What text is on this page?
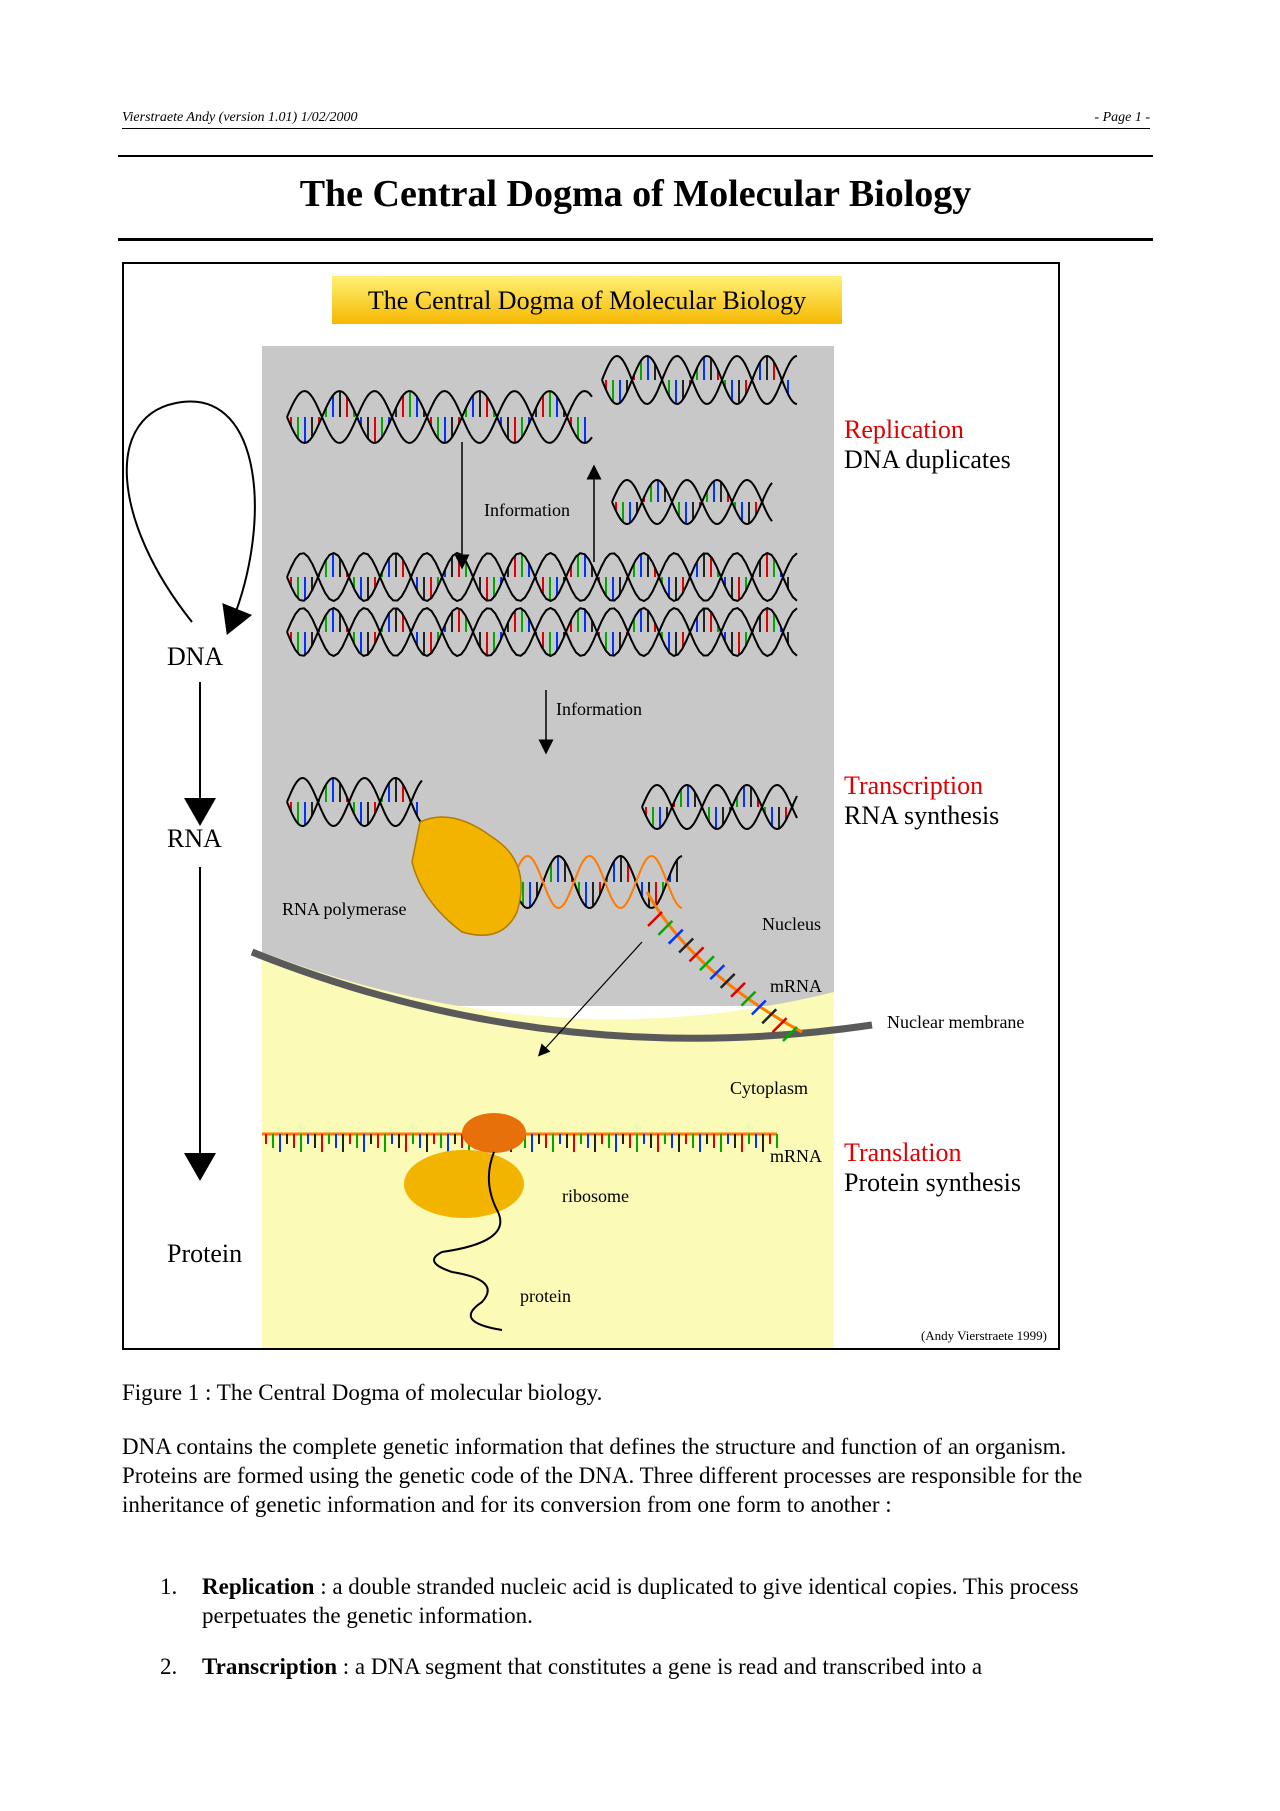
Vierstraete Andy (version 1.01) 1/02/2000	- Page 1 -
The Central Dogma of Molecular Biology
The Central Dogma of Molecular Biology
Information
Information
RNA polymerase
Nucleus
mRNA
Nuclear membrane
Cytoplasm
mRNA
ribosome
protein
DNA
RNA
Protein
Replication
DNA duplicates
Transcription
RNA synthesis
Translation
Protein synthesis
(Andy Vierstraete 1999)
Figure 1 : The Central Dogma of molecular biology.
DNA contains the complete genetic information that defines the structure and function of an organism. Proteins are formed using the genetic code of the DNA. Three different processes are responsible for the inheritance of genetic information and for its conversion from one form to another :
1. Replication : a double stranded nucleic acid is duplicated to give identical copies. This process perpetuates the genetic information.
2. Transcription : a DNA segment that constitutes a gene is read and transcribed into a
